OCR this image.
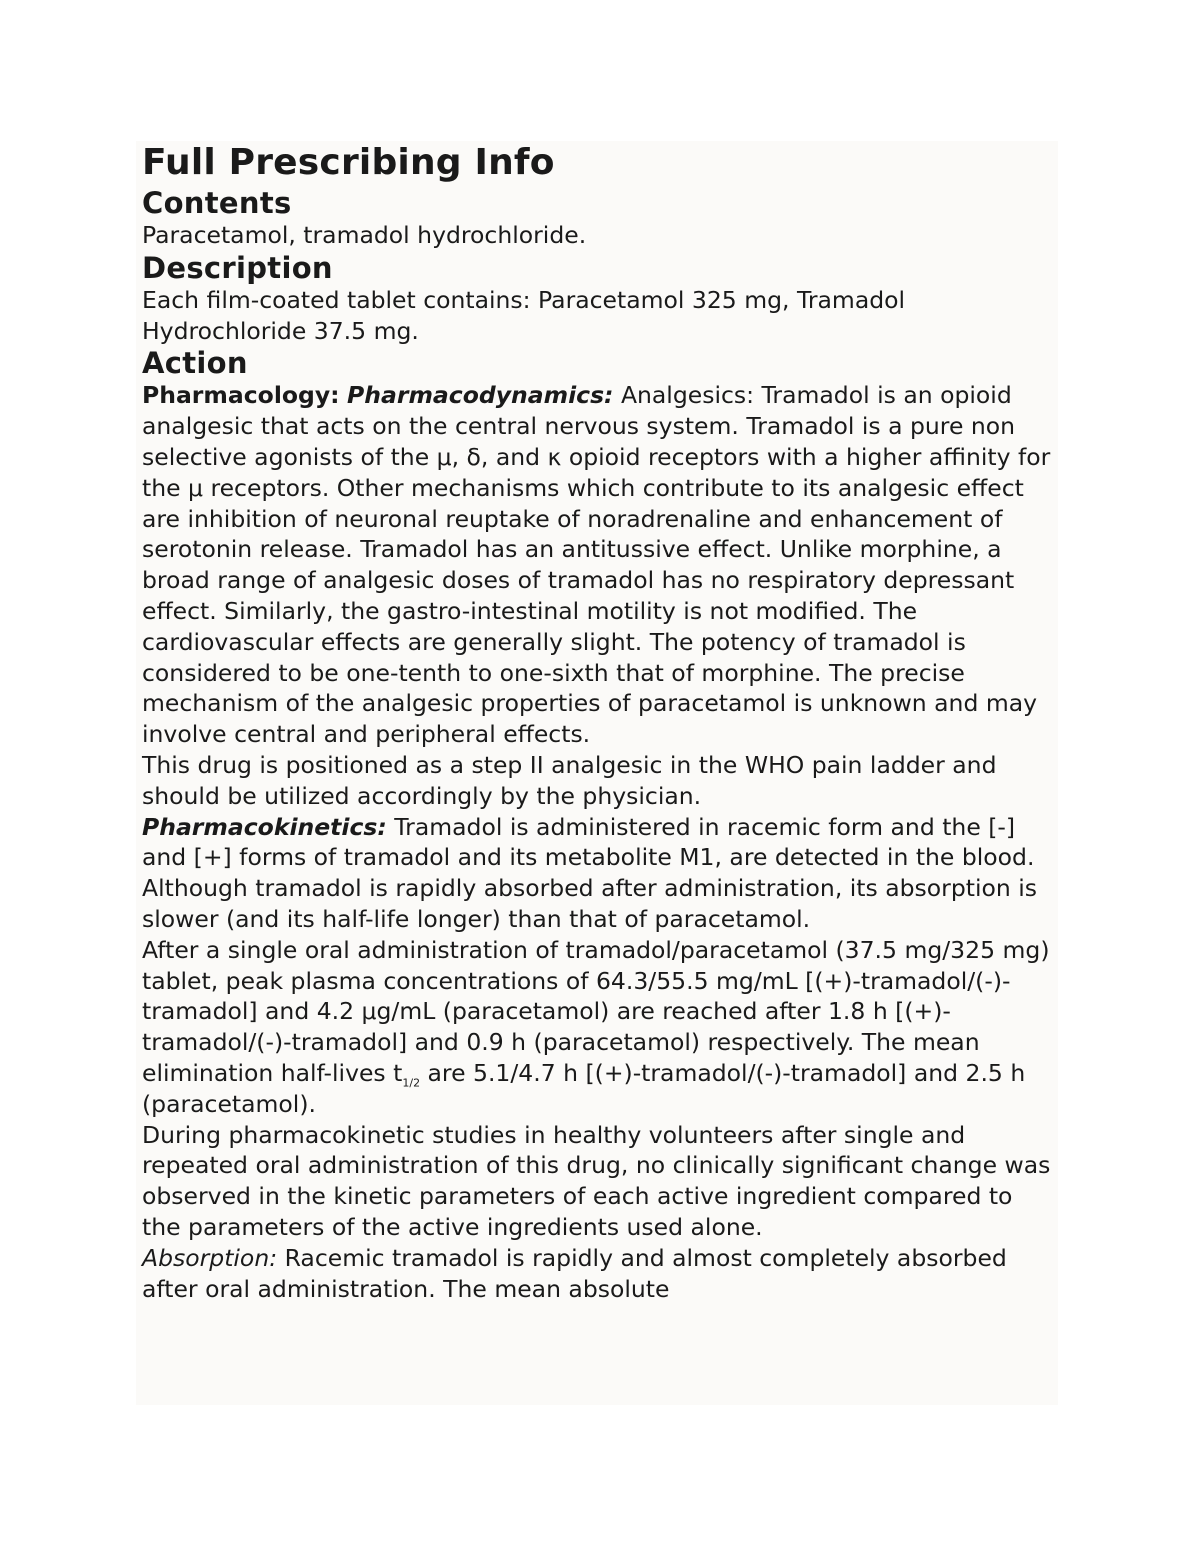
Full Prescribing Info
Contents

Paracetamol, tramadol hydrochloride.

Description

Each film-coated tablet contains: Paracetamol 325 mg, Tramadol Hydrochloride 37.5 mg.

Action

Pharmacology: Pharmacodynamics: Analgesics: Tramadol is an opioid analgesic that acts on the central nervous system. Tramadol is a pure non selective agonists of the μ, δ, and κ opioid receptors with a higher affinity for the μ receptors. Other mechanisms which contribute to its analgesic effect are inhibition of neuronal reuptake of noradrenaline and enhancement of serotonin release. Tramadol has an antitussive effect. Unlike morphine, a broad range of analgesic doses of tramadol has no respiratory depressant effect. Similarly, the gastro-intestinal motility is not modified. The cardiovascular effects are generally slight. The potency of tramadol is considered to be one-tenth to one-sixth that of morphine. The precise mechanism of the analgesic properties of paracetamol is unknown and may involve central and peripheral effects.

This drug is positioned as a step II analgesic in the WHO pain ladder and should be utilized accordingly by the physician.

Pharmacokinetics: Tramadol is administered in racemic form and the [-] and [+] forms of tramadol and its metabolite M1, are detected in the blood. Although tramadol is rapidly absorbed after administration, its absorption is slower (and its half-life longer) than that of paracetamol.

After a single oral administration of tramadol/paracetamol (37.5 mg/325 mg) tablet, peak plasma concentrations of 64.3/55.5 mg/mL [(+)-tramadol/(-)-tramadol] and 4.2 μg/mL (paracetamol) are reached after 1.8 h [(+)-tramadol/(-)-tramadol] and 0.9 h (paracetamol) respectively. The mean elimination half-lives $t_{1/2}$ are 5.1/4.7 h [(+)-tramadol/(-)-tramadol] and 2.5 h (paracetamol).

During pharmacokinetic studies in healthy volunteers after single and repeated oral administration of this drug, no clinically significant change was observed in the kinetic parameters of each active ingredient compared to the parameters of the active ingredients used alone.

Absorption: Racemic tramadol is rapidly and almost completely absorbed after oral administration. The mean absolute
